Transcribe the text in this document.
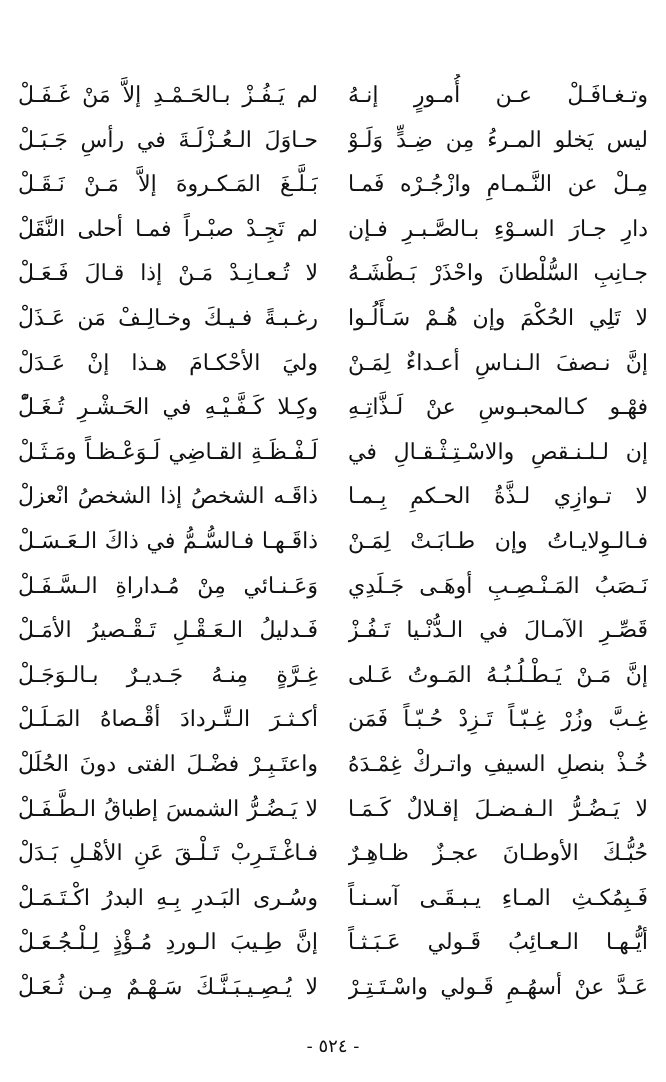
وتـغـافَـلْ عـن أُمـورٍ إنـهُ
ليس يَخلو المـرءُ مِن ضِـدٍّ وَلَـوْ
مِـلْ عن النَّـمـامِ وازْجُـرْه فَمـا
دارِ جـارَ السـوْءِ بـالصَّـبـرِ فـإن
جـانِبِ السُّلْطانَ واحْذَرْ بَـطْشَـهُ
لا تَلِي الحُكْمَ وإن هُـمْ سَـأَلُـوا
إنَّ نـصفَ الـنـاسِ أعـداءٌ لِمَـنْ
فهْـو كـالمحبـوسِ عنْ لَـذَّاتِـهِ
إن لـلـنـقصِ والاسْـتِـثْـقـالِ في
لا تـوازِي لـذَّةُ الحـكمِ بِـمـا
فـالـوِلايـاتُ وإن طـابَـتْ لِمَـنْ
نَـصَبُ المَـنْـصِـبِ أوهَـى جَـلَدِي
قَصِّـرِ الآمـالَ في الـدُّنْـيا تَـفُـزْ
إنَّ مَـنْ يَـطْـلُـبُـهُ المَـوتُ عَـلى
غِـبَّ وزُرْ غِـبّـاً تَـزِدْ حُـبّـاً فَمَن
خُـذْ بنصلِ السيفِ واتـركْ غِمْـدَهُ
لا يَـضُـرُّ الـفـضـلَ إقـلالٌ كَـمَـا
حُبُّـكَ الأوطـانَ عجـزٌ ظـاهِـرٌ
فَـبِمُكـثِ المـاءِ يـبـقَـى آسـنـاً
أيُّـهـا الـعـائِبُ قَـولي عَـبَـثـاً
عَـدَّ عنْ أسهُـمِ قَـولي واسْـتَـتِـرْ
لم يَـفُـزْ بـالحَـمْـدِ إلاَّ مَنْ غَـفَـلْ
حـاوَلَ الـعُـزْلَـةَ في رأسِ جَـبَـلْ
بَـلَّـغَ المَـكـروهَ إلاَّ مَـنْ نَـقَـلْ
لم تَجِـدْ صبْـراً فمـا أحلى النَّقَلْ
لا تُـعـانِـدْ مَـنْ إذا قـالَ فَـعَـلْ
رغـبـةً فـيـكَ وخـالِـفْ مَن عَـذَلْ
وليَ الأحْكـامَ هـذا إنْ عَـدَلْ
وكِـلا كَـفَّـيْـهِ في الحَـشْـرِ تُـغَـلّْ
لَـفْـظَـةِ القـاضِي لَـوَعْـظـاً ومَـثَـلْ
ذاقَـه الشخصُ إذا الشخصُ انْعزلْ
ذاقَـهـا فـالسُّـمُّ في ذاكَ الـعَـسَـلْ
وَعَـنـائي مِنْ مُـداراةِ الـسَّـفَـلْ
فَـدليلُ الـعَـقْـلِ تَـقْـصيرُ الأمَـلْ
غِـرَّةٍ مِنـهُ جَـديـرٌ بـالـوَجَـلْ
أكـثـرَ الـتَّـردادَ أقْـصاهُ المَـلَـلْ
واعتَـبِـرْ فضْـلَ الفتى دونَ الحُلَلْ
لا يَـضُـرُّ الشمسَ إطباقُ الـطَّـفَـلْ
فـاغْـتَـرِبْ تَـلْـقَ عَنِ الأهْـلِ بَـدَلْ
وسُـرى البَـدرِ بِـهِ البدرُ اكْـتَـمَـلْ
إنَّ طِـيبَ الـوردِ مُـؤْذٍ لِـلْـجُـعَـلْ
لا يُـصِـيـبَـنَّـكَ سَـهْـمٌ مِـن ثُـعَـلْ
- ٥٢٤ -
